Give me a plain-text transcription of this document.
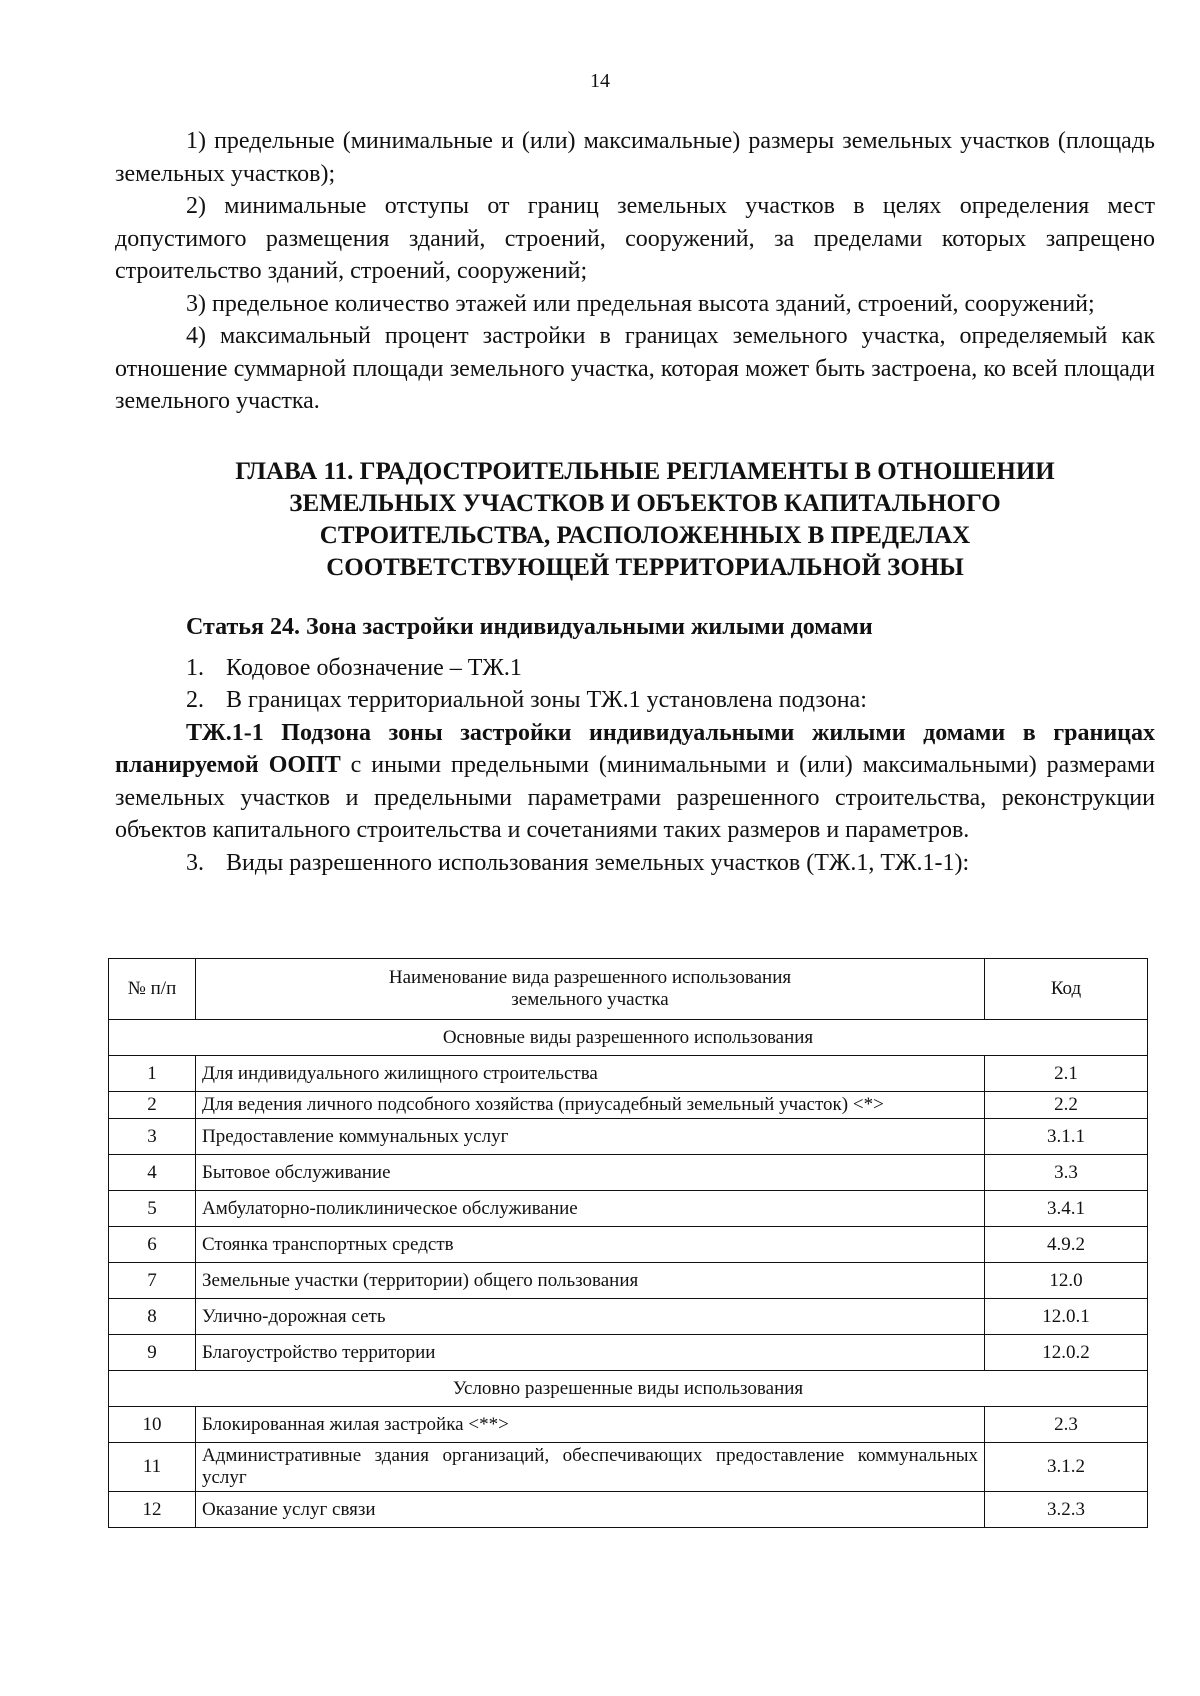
14

1) предельные (минимальные и (или) максимальные) размеры земельных участков (площадь земельных участков);

2) минимальные отступы от границ земельных участков в целях определения мест допустимого размещения зданий, строений, сооружений, за пределами которых запрещено строительство зданий, строений, сооружений;

3) предельное количество этажей или предельная высота зданий, строений, сооружений;

4) максимальный процент застройки в границах земельного участка, определяемый как отношение суммарной площади земельного участка, которая может быть застроена, ко всей площади земельного участка.

ГЛАВА 11. ГРАДОСТРОИТЕЛЬНЫЕ РЕГЛАМЕНТЫ В ОТНОШЕНИИ
ЗЕМЕЛЬНЫХ УЧАСТКОВ И ОБЪЕКТОВ КАПИТАЛЬНОГО
СТРОИТЕЛЬСТВА, РАСПОЛОЖЕННЫХ В ПРЕДЕЛАХ
СООТВЕТСТВУЮЩЕЙ ТЕРРИТОРИАЛЬНОЙ ЗОНЫ
Статья 24. Зона застройки индивидуальными жилыми домами

1. Кодовое обозначение – ТЖ.1

2. В границах территориальной зоны ТЖ.1 установлена подзона:

ТЖ.1-1 Подзона зоны застройки индивидуальными жилыми домами в границах планируемой ООПТ с иными предельными (минимальными и (или) максимальными) размерами земельных участков и предельными параметрами разрешенного строительства, реконструкции объектов капитального строительства и сочетаниями таких размеров и параметров.

3. Виды разрешенного использования земельных участков (ТЖ.1, ТЖ.1-1):

№ п/п	Наименование вида разрешенного использования
земельного участка	Код
Основные виды разрешенного использования		
1	Для индивидуального жилищного строительства	2.1
2	Для ведения личного подсобного хозяйства (приусадебный земельный участок) <*>	2.2
3	Предоставление коммунальных услуг	3.1.1
4	Бытовое обслуживание	3.3
5	Амбулаторно-поликлиническое обслуживание	3.4.1
6	Стоянка транспортных средств	4.9.2
7	Земельные участки (территории) общего пользования	12.0
8	Улично-дорожная сеть	12.0.1
9	Благоустройство территории	12.0.2
Условно разрешенные виды использования		
10	Блокированная жилая застройка <**>	2.3
11	Административные здания организаций, обеспечивающих предоставление коммунальных услуг	3.1.2
12	Оказание услуг связи	3.2.3
